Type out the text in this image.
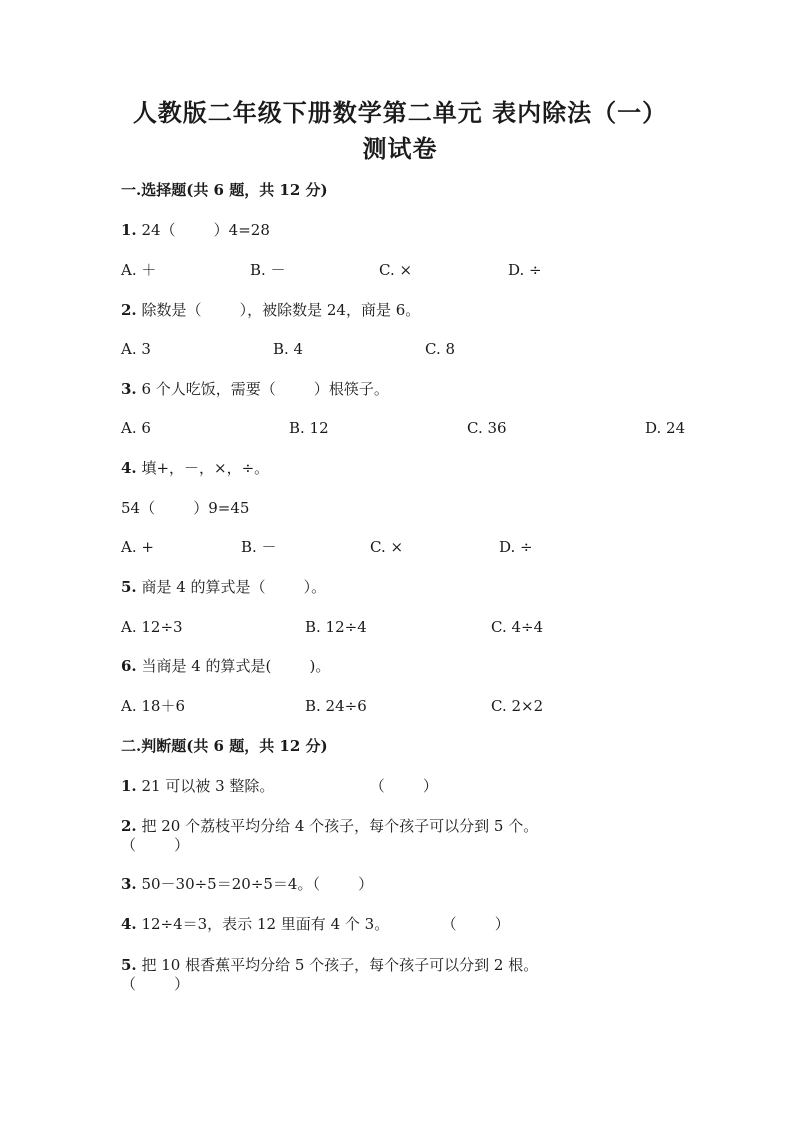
人教版二年级下册数学第二单元 表内除法（一）
测试卷
一.选择题(共 6 题，共 12 分)
1. 24（        ）4=28
A. ＋	B. －	C. ×	D. ÷
2. 除数是（        ），被除数是 24，商是 6。
A. 3	B. 4	C. 8
3. 6 个人吃饭，需要（        ）根筷子。
A. 6	B. 12	C. 36	D. 24
4. 填+，－，×，÷。
54（        ）9=45
A. +	B. －	C. ×	D. ÷
5. 商是 4 的算式是（        ）。
A. 12÷3	B. 12÷4	C. 4÷4
6. 当商是 4 的算式是(        )。
A. 18＋6	B. 24÷6	C. 2×2
二.判断题(共 6 题，共 12 分)
1. 21 可以被 3 整除。                    （        ）
2. 把 20 个荔枝平均分给 4 个孩子，每个孩子可以分到 5 个。
（        ）
3. 50－30÷5＝20÷5＝4。（        ）
4. 12÷4＝3，表示 12 里面有 4 个 3。           （        ）
5. 把 10 根香蕉平均分给 5 个孩子，每个孩子可以分到 2 根。
（        ）
